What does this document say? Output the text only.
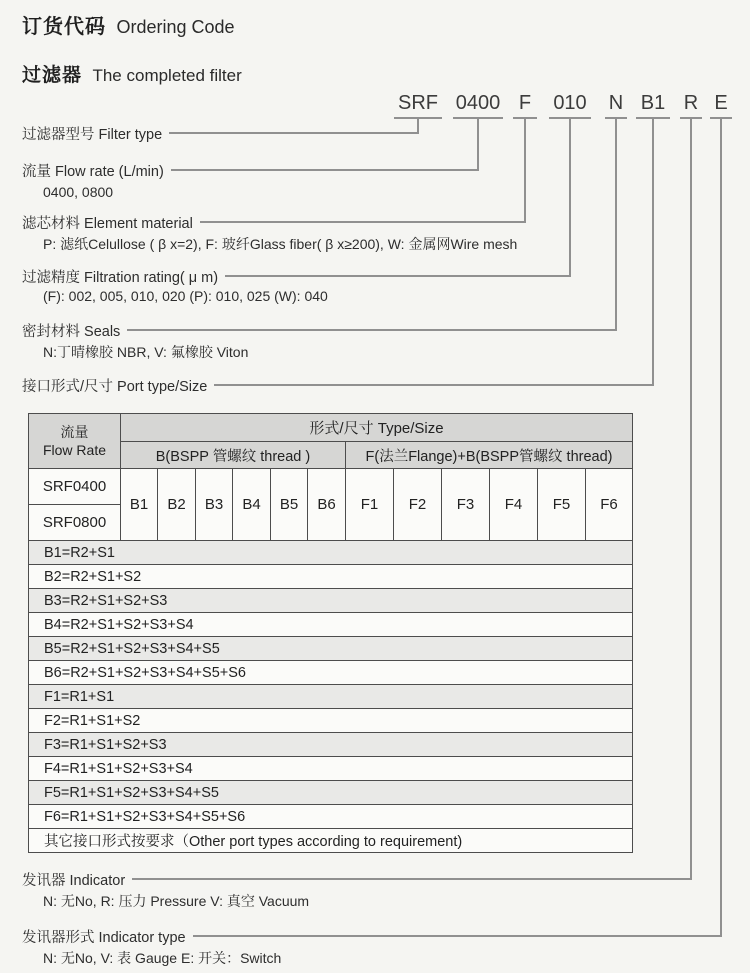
订货代码 Ordering Code
过滤器 The completed filter
SRF 0400 F 010 N B1 R E
过滤器型号 Filter type
流量 Flow rate (L/min)
0400, 0800
滤芯材料 Element material
P: 滤纸Celullose ( β x=2), F: 玻纤Glass fiber( β x≥200), W: 金属网Wire mesh
过滤精度 Filtration rating( μ m)
(F): 002, 005, 010, 020 (P): 010, 025 (W): 040
密封材料 Seals
N:丁晴橡胶 NBR, V: 氟橡胶 Viton
接口形式/尺寸 Port type/Size
发讯器 Indicator
N: 无No, R: 压力 Pressure V: 真空 Vacuum
发讯器形式 Indicator type
N: 无No, V: 表 Gauge E: 开关：Switch
流量
Flow Rate	形式/尺寸 Type/Size											
	B(BSPP 管螺纹 thread )						F(法兰Flange)+B(BSPP管螺纹 thread)					
SRF0400	B1	B2	B3	B4	B5	B6	F1	F2	F3	F4	F5	F6
SRF0800												
B1=R2+S1												
B2=R2+S1+S2												
B3=R2+S1+S2+S3												
B4=R2+S1+S2+S3+S4												
B5=R2+S1+S2+S3+S4+S5												
B6=R2+S1+S2+S3+S4+S5+S6												
F1=R1+S1												
F2=R1+S1+S2												
F3=R1+S1+S2+S3												
F4=R1+S1+S2+S3+S4												
F5=R1+S1+S2+S3+S4+S5												
F6=R1+S1+S2+S3+S4+S5+S6												
其它接口形式按要求（Other port types according to requirement)												
